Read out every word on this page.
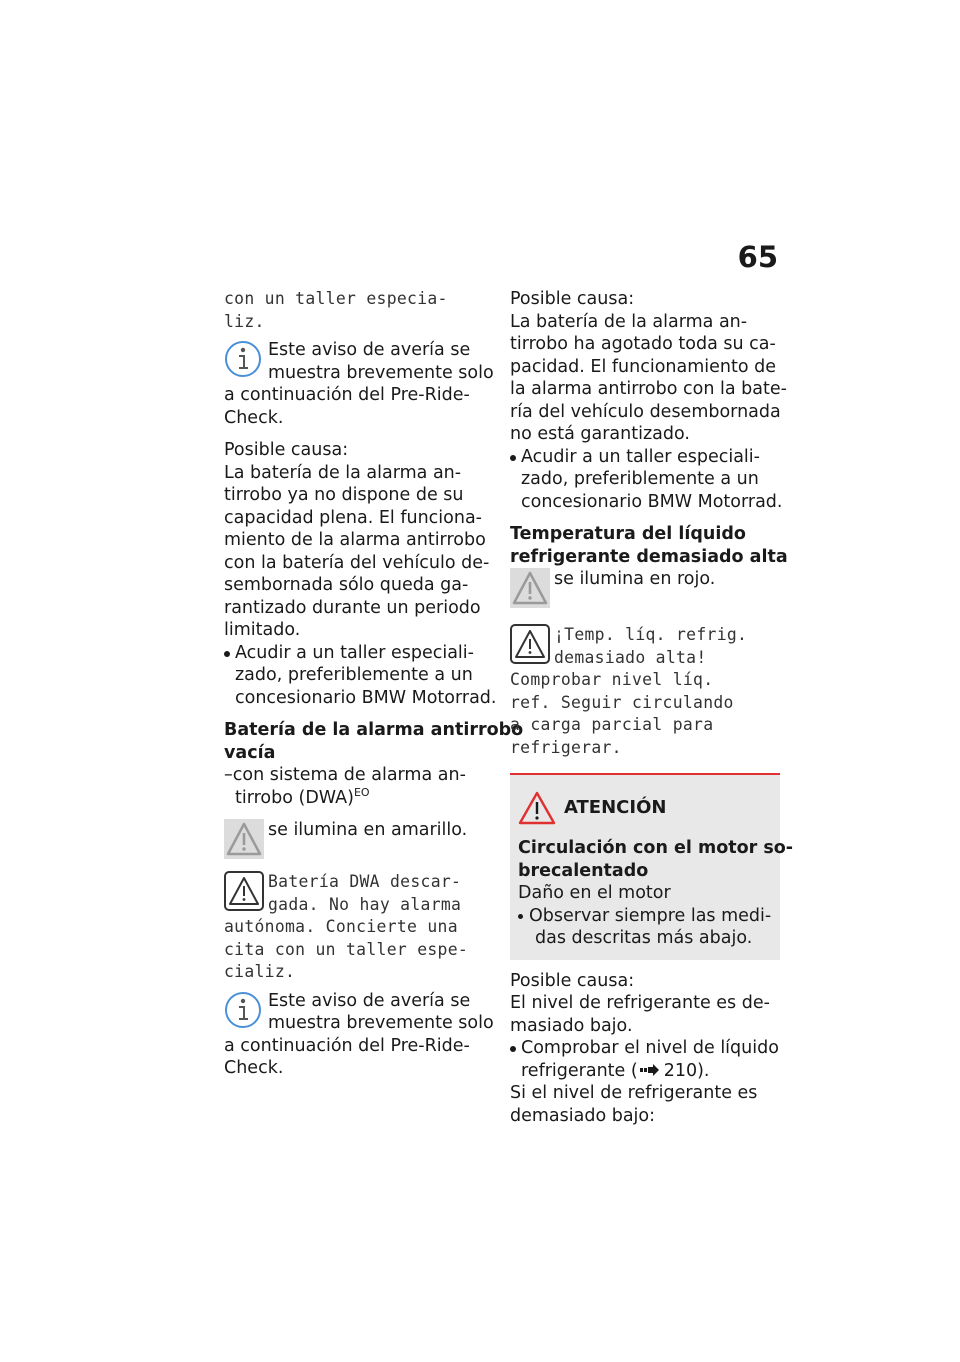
65
con un taller especia-
liz.
Este aviso de avería se
muestra brevemente solo
a continuación del Pre-Ride-
Check.
Posible causa:
La batería de la alarma an-
tirrobo ya no dispone de su
capacidad plena. El funciona-
miento de la alarma antirrobo
con la batería del vehículo de-
sembornada sólo queda ga-
rantizado durante un periodo
limitado.
Acudir a un taller especiali-
zado, preferiblemente a un
concesionario BMW Motorrad.
Batería de la alarma antirrobo
vacía
–con sistema de alarma an-
tirrobo (DWA)$^{EO}$
se ilumina en amarillo.
Batería DWA descar-
gada. No hay alarma
autónoma. Concierte una
cita con un taller espe-
cializ.
Este aviso de avería se
muestra brevemente solo
a continuación del Pre-Ride-
Check.
Posible causa:
La batería de la alarma an-
tirrobo ha agotado toda su ca-
pacidad. El funcionamiento de
la alarma antirrobo con la bate-
ría del vehículo desembornada
no está garantizado.
Acudir a un taller especiali-
zado, preferiblemente a un
concesionario BMW Motorrad.
Temperatura del líquido
refrigerante demasiado alta
se ilumina en rojo.
¡Temp. líq. refrig.
demasiado alta!
Comprobar nivel líq.
ref. Seguir circulando
a carga parcial para
refrigerar.
ATENCIÓN
Circulación con el motor so-
brecalentado
Daño en el motor
Observar siempre las medi-
das descritas más abajo.
Posible causa:
El nivel de refrigerante es de-
masiado bajo.
Comprobar el nivel de líquido
refrigerante ( 210).
Si el nivel de refrigerante es
demasiado bajo:
